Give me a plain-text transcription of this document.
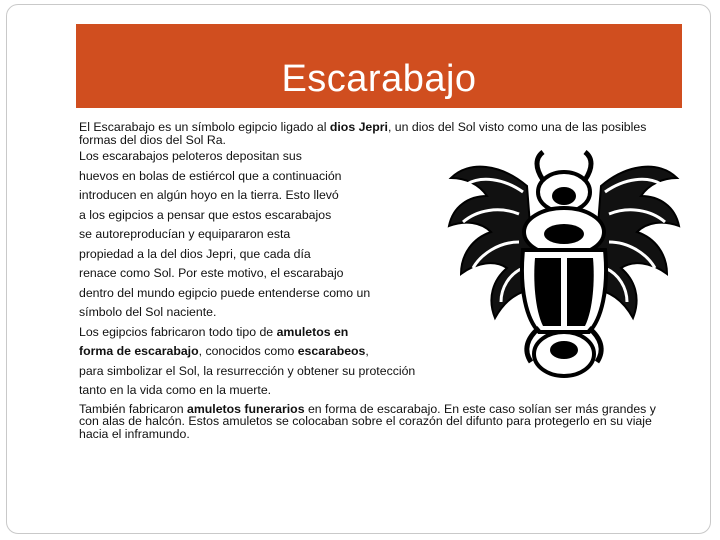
Escarabajo

El Escarabajo es un símbolo egipcio ligado al dios Jepri, un dios del Sol visto como una de las posibles formas del dios del Sol Ra.

Los escarabajos peloteros depositan sus
huevos en bolas de estiércol que a continuación
introducen en algún hoyo en la tierra. Esto llevó
a los egipcios a pensar que estos escarabajos
se autoreproducían y equipararon esta
propiedad a la del dios Jepri, que cada día
renace como Sol. Por este motivo, el escarabajo
dentro del mundo egipcio puede entenderse como un
símbolo del Sol naciente.

Los egipcios fabricaron todo tipo de amuletos en
forma de escarabajo, conocidos como escarabeos,
para simbolizar el Sol, la resurrección y obtener su protección
tanto en la vida como en la muerte.

También fabricaron amuletos funerarios en forma de escarabajo. En este caso solían ser más grandes y con alas de halcón. Estos amuletos se colocaban sobre el corazón del difunto para protegerlo en su viaje hacia el inframundo.
